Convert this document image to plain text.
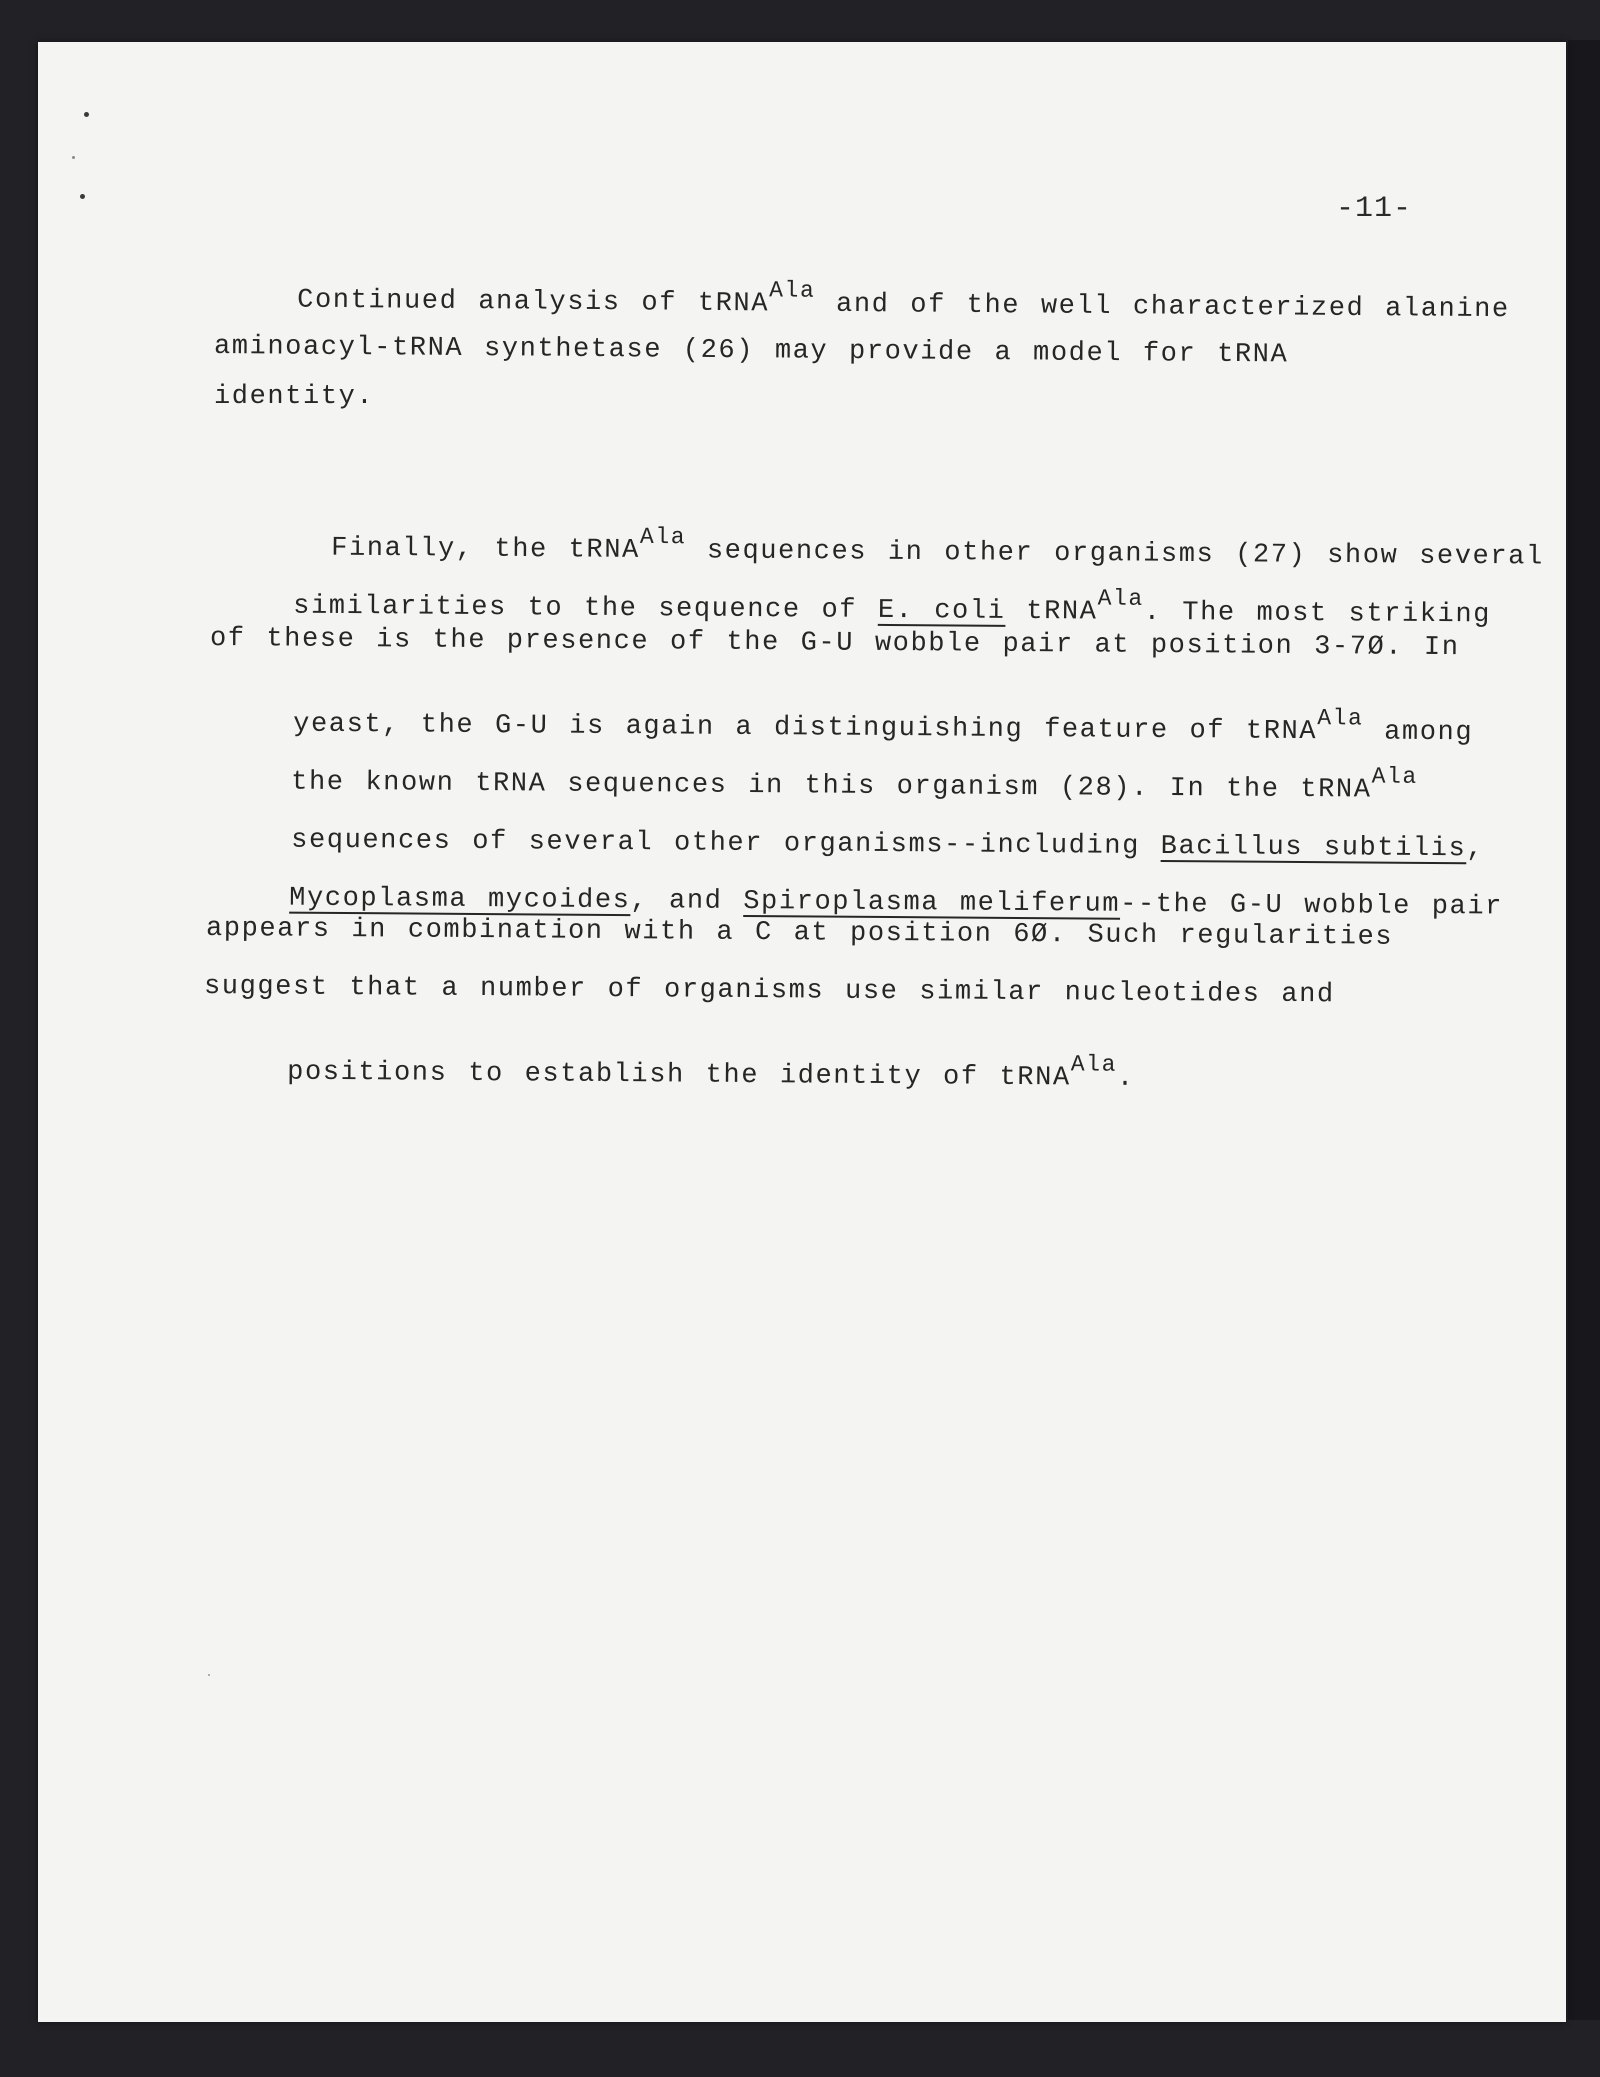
-11-

Continued analysis of tRNA$^{Ala}$ and of the well characterized alanine

aminoacyl-tRNA synthetase (26) may provide a model for tRNA
identity.

Finally, the tRNA$^{Ala}$ sequences in other organisms (27) show several

similarities to the sequence of E. coli tRNA$^{Ala}$. The most striking

of these is the presence of the G-U wobble pair at position 3-7Ø. In

yeast, the G-U is again a distinguishing feature of tRNA$^{Ala}$ among

the known tRNA sequences in this organism (28). In the tRNA$^{Ala}$

sequences of several other organisms--including Bacillus subtilis,

Mycoplasma mycoides, and Spiroplasma meliferum--the G-U wobble pair

appears in combination with a C at position 6Ø. Such regularities
suggest that a number of organisms use similar nucleotides and

positions to establish the identity of tRNA$^{Ala}$.
